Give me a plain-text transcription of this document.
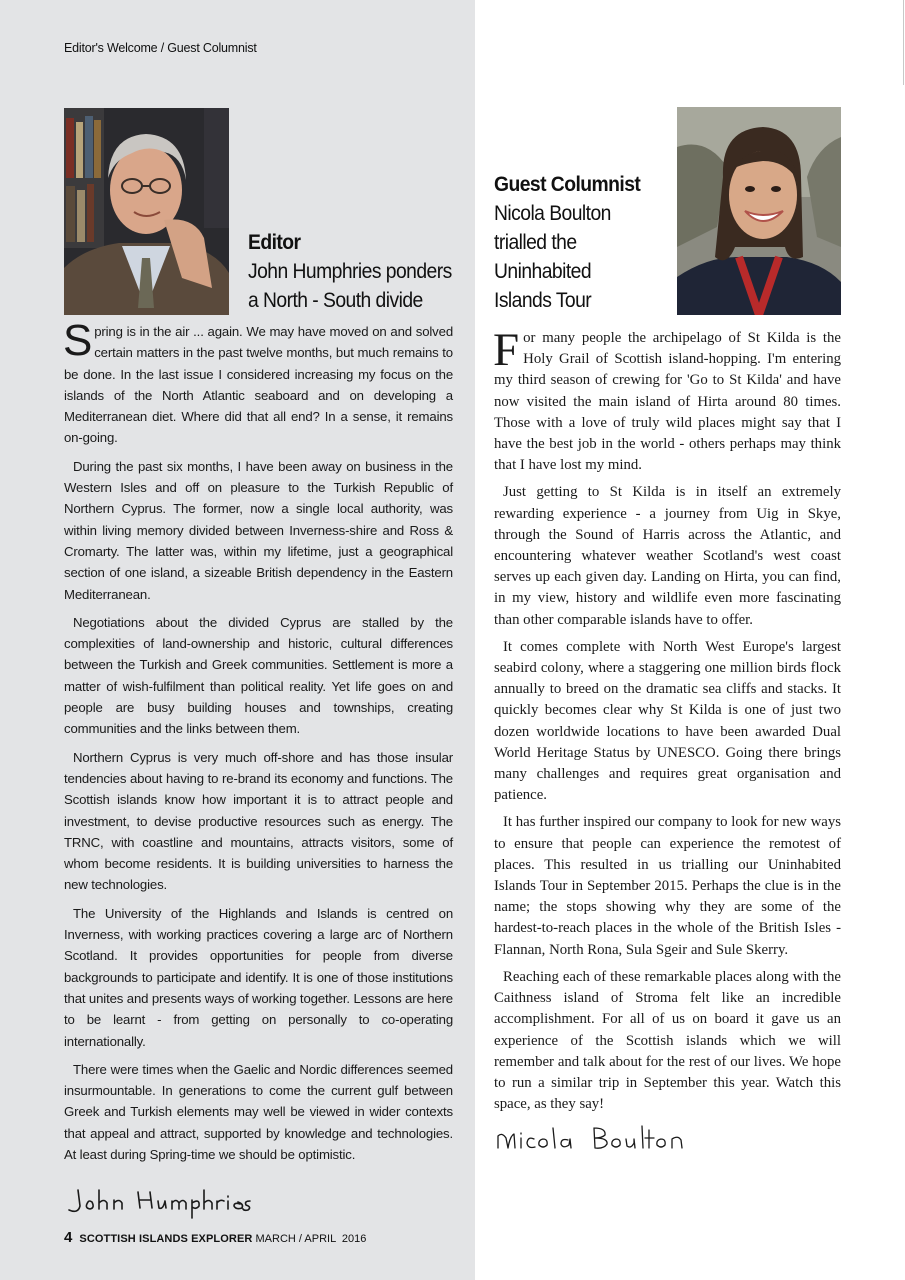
Editor's Welcome / Guest Columnist
Editor
John Humphries ponders
a North - South divide

Spring is in the air ... again. We may have moved on and solved certain matters in the past twelve months, but much remains to be done. In the last issue I considered increasing my focus on the islands of the North Atlantic seaboard and on developing a Mediterranean diet. Where did that all end? In a sense, it remains on-going.

During the past six months, I have been away on business in the Western Isles and off on pleasure to the Turkish Republic of Northern Cyprus. The former, now a single local authority, was within living memory divided between Inverness-shire and Ross & Cromarty. The latter was, within my lifetime, just a geographical section of one island, a sizeable British dependency in the Eastern Mediterranean.

Negotiations about the divided Cyprus are stalled by the complexities of land-ownership and historic, cultural differences between the Turkish and Greek communities. Settlement is more a matter of wish-fulfilment than political reality. Yet life goes on and people are busy building houses and townships, creating communities and the links between them.

Northern Cyprus is very much off-shore and has those insular tendencies about having to re-brand its economy and functions. The Scottish islands know how important it is to attract people and investment, to devise productive resources such as energy. The TRNC, with coastline and mountains, attracts visitors, some of whom become residents. It is building universities to harness the new technologies.

The University of the Highlands and Islands is centred on Inverness, with working practices covering a large arc of Northern Scotland. It provides opportunities for people from diverse backgrounds to participate and identify. It is one of those institutions that unites and presents ways of working together. Lessons are here to be learnt - from getting on personally to co-operating internationally.

There were times when the Gaelic and Nordic differences seemed insurmountable. In generations to come the current gulf between Greek and Turkish elements may well be viewed in wider contexts that appeal and attract, supported by knowledge and technologies. At least during Spring-time we should be optimistic.

4 SCOTTISH ISLANDS EXPLORER MARCH / APRIL  2016
Guest Columnist
Nicola Boulton
trialled the
Uninhabited
Islands Tour

For many people the archipelago of St Kilda is the Holy Grail of Scottish island-hopping. I'm entering my third season of crewing for 'Go to St Kilda' and have now visited the main island of Hirta around 80 times. Those with a love of truly wild places might say that I have the best job in the world - others perhaps may think that I have lost my mind.

Just getting to St Kilda is in itself an extremely rewarding experience - a journey from Uig in Skye, through the Sound of Harris across the Atlantic, and encountering whatever weather Scotland's west coast serves up each given day. Landing on Hirta, you can find, in my view, history and wildlife even more fascinating than other comparable islands have to offer.

It comes complete with North West Europe's largest seabird colony, where a staggering one million birds flock annually to breed on the dramatic sea cliffs and stacks. It quickly becomes clear why St Kilda is one of just two dozen worldwide locations to have been awarded Dual World Heritage Status by UNESCO. Going there brings many challenges and requires great organisation and patience.

It has further inspired our company to look for new ways to ensure that people can experience the remotest of places. This resulted in us trialling our Uninhabited Islands Tour in September 2015. Perhaps the clue is in the name; the stops showing why they are some of the hardest-to-reach places in the whole of the British Isles - Flannan, North Rona, Sula Sgeir and Sule Skerry.

Reaching each of these remarkable places along with the Caithness island of Stroma felt like an incredible accomplishment. For all of us on board it gave us an experience of the Scottish islands which we will remember and talk about for the rest of our lives. We hope to run a similar trip in September this year. Watch this space, as they say!
